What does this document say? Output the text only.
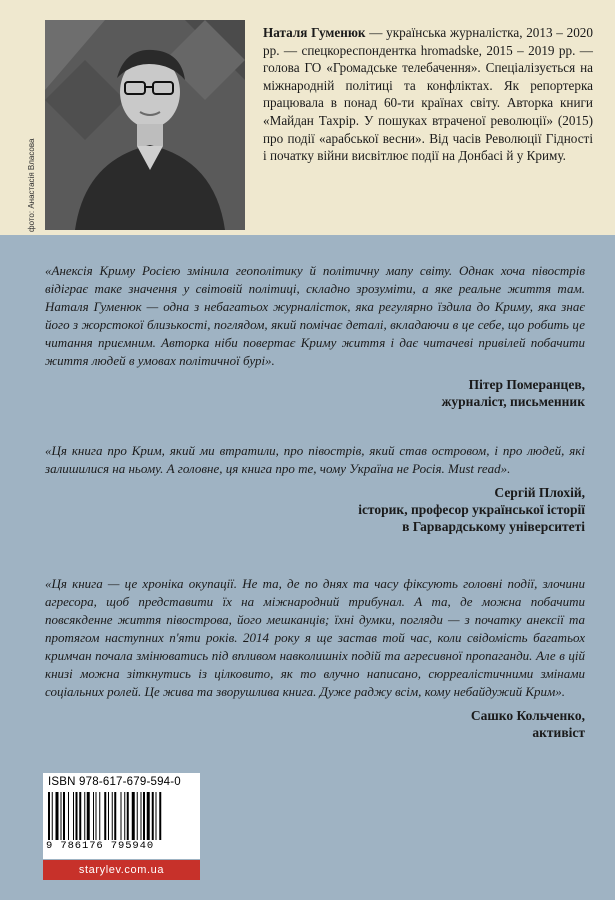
фото: Анастасія Власова
Наталя Гуменюк — українська журналістка, 2013 – 2020 рр. — спецкореспондентка hromadske, 2015 – 2019 рр. — голова ГО «Громадське телебачення». Спеціалізується на міжнародній політиці та конфліктах. Як репортерка працювала в понад 60-ти країнах світу. Авторка книги «Майдан Тахрір. У пошуках втраченої революції» (2015) про події «арабської весни». Від часів Революції Гідності і початку війни висвітлює події на Донбасі й у Криму.
«Анексія Криму Росією змінила геополітику й політичну мапу світу. Однак хоча півострів відіграє таке значення у світовій політиці, складно зрозуміти, а яке реальне життя там. Наталя Гуменюк — одна з небагатьох журналісток, яка регулярно їздила до Криму, яка знає його з жорстокої близькості, поглядом, який помічає деталі, вкладаючи в це себе, що робить це читання приємним. Авторка ніби повертає Криму життя і дає читачеві привілей побачити життя людей в умовах політичної бурі».
Пітер Померанцев,
журналіст, письменник
«Ця книга про Крим, який ми втратили, про півострів, який став островом, і про людей, які залишилися на ньому. А головне, ця книга про те, чому Україна не Росія. Must read».
Сергій Плохій,
історик, професор української історії
в Гарвардському університеті
«Ця книга — це хроніка окупації. Не та, де по днях та часу фіксують головні події, злочини агресора, щоб представити їх на міжнародний трибунал. А та, де можна побачити повсякденне життя півострова, його мешканців; їхні думки, погляди — з початку анексії та протягом наступних п'яти років. 2014 року я ще застав той час, коли свідомість багатьох кримчан почала змінюватись під впливом навколишніх подій та агресивної пропаганди. Але в цій книзі можна зіткнутись із цілковито, як то влучно написано, сюрреалістичними змінами соціальних ролей. Це жива та зворушлива книга. Дуже раджу всім, кому небайдужий Крим».
Сашко Кольченко,
активіст
ISBN 978-617-679-594-0
9 786176 795940
starylev.com.ua
